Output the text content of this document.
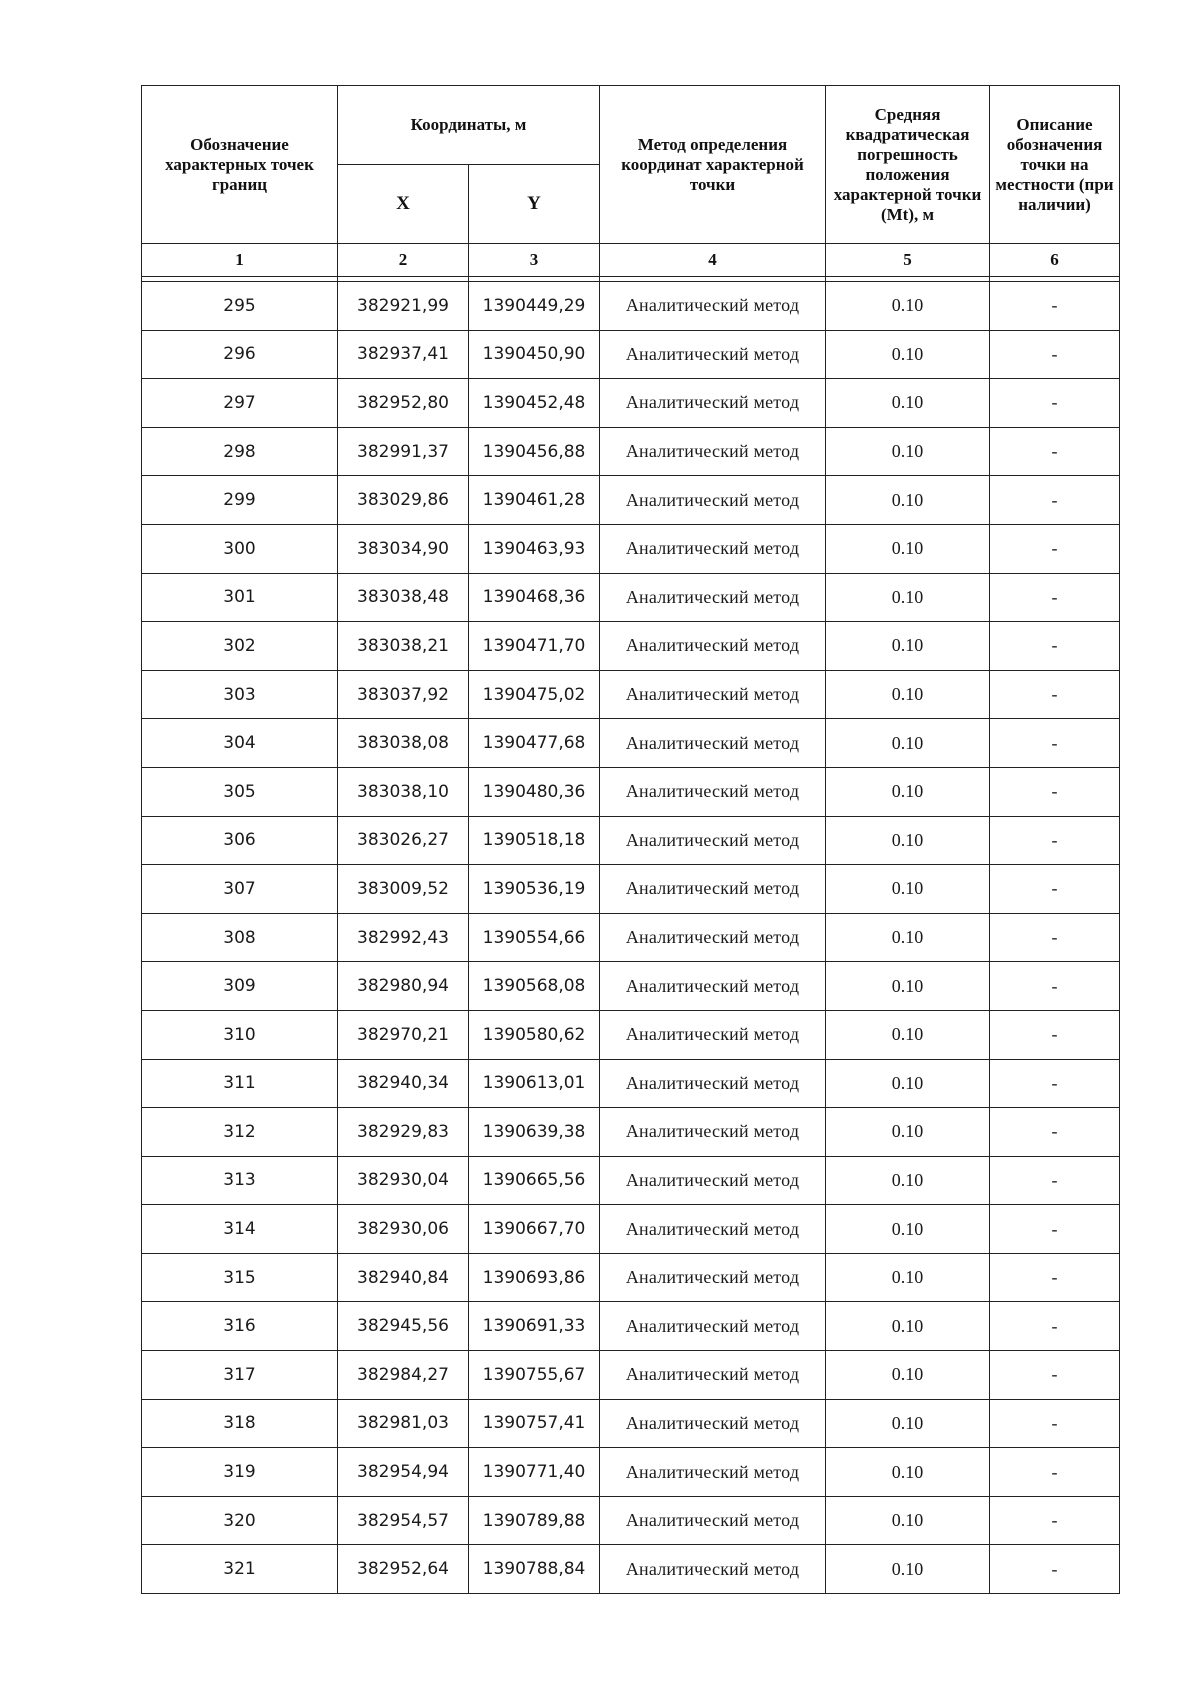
Обозначение характерных точек границ	Координаты, м		Метод определения координат характерной точки	Средняя квадратическая погрешность положения характерной точки (Mt), м	Описание обозначения точки на местности (при наличии)
	X	Y			
1	2	3	4	5	6

295	382921,99	1390449,29	Аналитический метод	0.10	-
296	382937,41	1390450,90	Аналитический метод	0.10	-
297	382952,80	1390452,48	Аналитический метод	0.10	-
298	382991,37	1390456,88	Аналитический метод	0.10	-
299	383029,86	1390461,28	Аналитический метод	0.10	-
300	383034,90	1390463,93	Аналитический метод	0.10	-
301	383038,48	1390468,36	Аналитический метод	0.10	-
302	383038,21	1390471,70	Аналитический метод	0.10	-
303	383037,92	1390475,02	Аналитический метод	0.10	-
304	383038,08	1390477,68	Аналитический метод	0.10	-
305	383038,10	1390480,36	Аналитический метод	0.10	-
306	383026,27	1390518,18	Аналитический метод	0.10	-
307	383009,52	1390536,19	Аналитический метод	0.10	-
308	382992,43	1390554,66	Аналитический метод	0.10	-
309	382980,94	1390568,08	Аналитический метод	0.10	-
310	382970,21	1390580,62	Аналитический метод	0.10	-
311	382940,34	1390613,01	Аналитический метод	0.10	-
312	382929,83	1390639,38	Аналитический метод	0.10	-
313	382930,04	1390665,56	Аналитический метод	0.10	-
314	382930,06	1390667,70	Аналитический метод	0.10	-
315	382940,84	1390693,86	Аналитический метод	0.10	-
316	382945,56	1390691,33	Аналитический метод	0.10	-
317	382984,27	1390755,67	Аналитический метод	0.10	-
318	382981,03	1390757,41	Аналитический метод	0.10	-
319	382954,94	1390771,40	Аналитический метод	0.10	-
320	382954,57	1390789,88	Аналитический метод	0.10	-
321	382952,64	1390788,84	Аналитический метод	0.10	-
